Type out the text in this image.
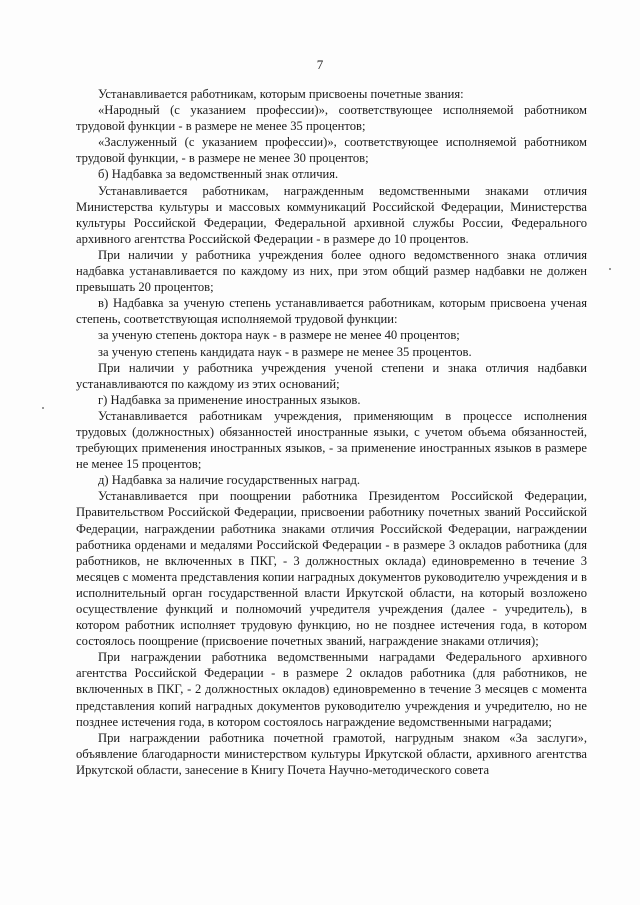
7

Устанавливается работникам, которым присвоены почетные звания:

«Народный (с указанием профессии)», соответствующее исполняемой работником трудовой функции - в размере не менее 35 процентов;

«Заслуженный (с указанием профессии)», соответствующее исполняемой работником трудовой функции, - в размере не менее 30 процентов;

б) Надбавка за ведомственный знак отличия.

Устанавливается работникам, награжденным ведомственными знаками отличия Министерства культуры и массовых коммуникаций Российской Федерации, Министерства культуры Российской Федерации, Федеральной архивной службы России, Федерального архивного агентства Российской Федерации - в размере до 10 процентов.

При наличии у работника учреждения более одного ведомственного знака отличия надбавка устанавливается по каждому из них, при этом общий размер надбавки не должен превышать 20 процентов;

в) Надбавка за ученую степень устанавливается работникам, которым присвоена ученая степень, соответствующая исполняемой трудовой функции:

за ученую степень доктора наук - в размере не менее 40 процентов;

за ученую степень кандидата наук - в размере не менее 35 процентов.

При наличии у работника учреждения ученой степени и знака отличия надбавки устанавливаются по каждому из этих оснований;

г) Надбавка за применение иностранных языков.

Устанавливается работникам учреждения, применяющим в процессе исполнения трудовых (должностных) обязанностей иностранные языки, с учетом объема обязанностей, требующих применения иностранных языков, - за применение иностранных языков в размере не менее 15 процентов;

д) Надбавка за наличие государственных наград.

Устанавливается при поощрении работника Президентом Российской Федерации, Правительством Российской Федерации, присвоении работнику почетных званий Российской Федерации, награждении работника знаками отличия Российской Федерации, награждении работника орденами и медалями Российской Федерации - в размере 3 окладов работника (для работников, не включенных в ПКГ, - 3 должностных оклада) единовременно в течение 3 месяцев с момента представления копии наградных документов руководителю учреждения и в исполнительный орган государственной власти Иркутской области, на который возложено осуществление функций и полномочий учредителя учреждения (далее - учредитель), в котором работник исполняет трудовую функцию, но не позднее истечения года, в котором состоялось поощрение (присвоение почетных званий, награждение знаками отличия);

При награждении работника ведомственными наградами Федерального архивного агентства Российской Федерации - в размере 2 окладов работника (для работников, не включенных в ПКГ, - 2 должностных окладов) единовременно в течение 3 месяцев с момента представления копий наградных документов руководителю учреждения и учредителю, но не позднее истечения года, в котором состоялось награждение ведомственными наградами;

При награждении работника почетной грамотой, нагрудным знаком «За заслуги», объявление благодарности министерством культуры Иркутской области, архивного агентства Иркутской области, занесение в Книгу Почета Научно-методического совета
